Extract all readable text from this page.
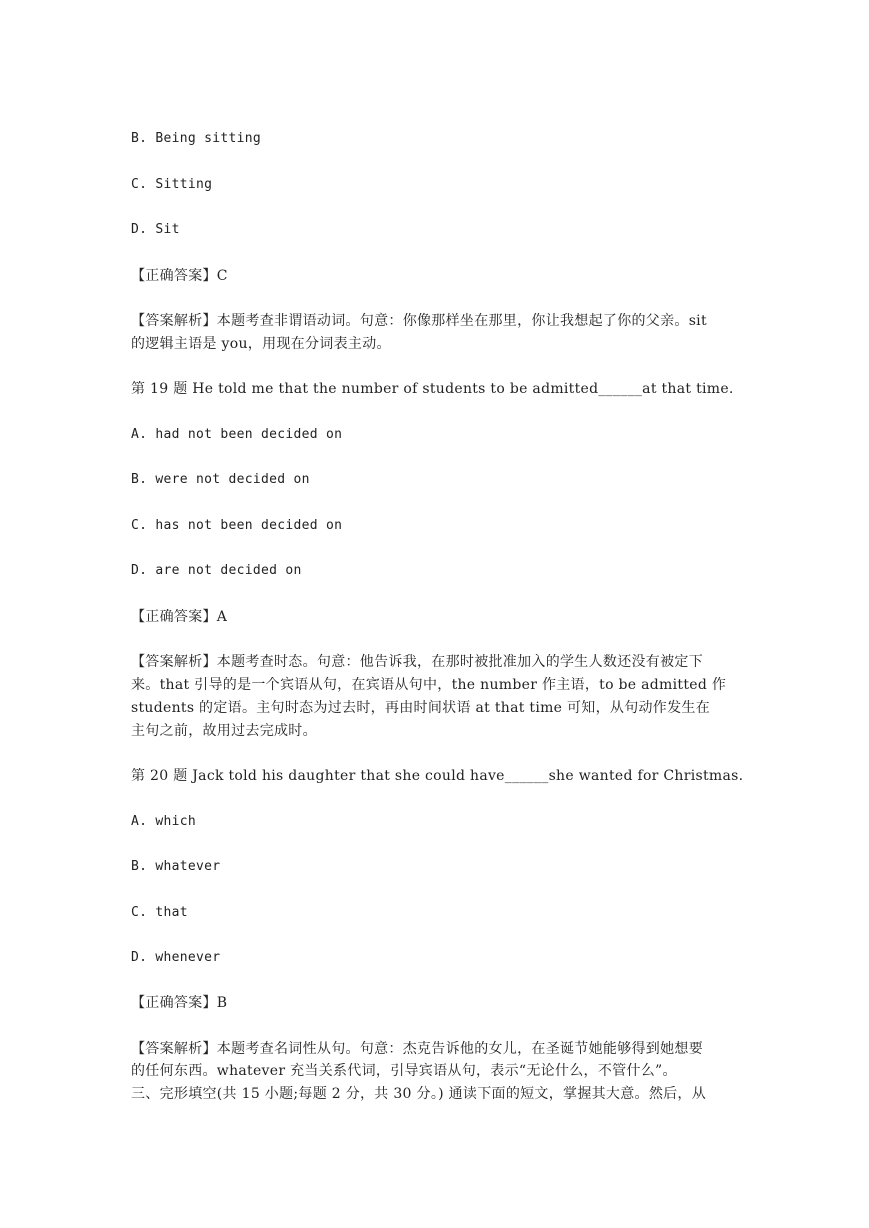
B. Being sitting
C. Sitting
D. Sit
【正确答案】C
【答案解析】本题考查非谓语动词。句意：你像那样坐在那里，你让我想起了你的父亲。sit
的逻辑主语是 you，用现在分词表主动。
第 19 题 He told me that the number of students to be admitted______at that time.
A. had not been decided on
B. were not decided on
C. has not been decided on
D. are not decided on
【正确答案】A
【答案解析】本题考查时态。句意：他告诉我，在那时被批准加入的学生人数还没有被定下
来。that 引导的是一个宾语从句，在宾语从句中，the number 作主语，to be admitted 作
students 的定语。主句时态为过去时，再由时间状语 at that time 可知，从句动作发生在
主句之前，故用过去完成时。
第 20 题 Jack told his daughter that she could have______she wanted for Christmas.
A. which
B. whatever
C. that
D. whenever
【正确答案】B
【答案解析】本题考查名词性从句。句意：杰克告诉他的女儿，在圣诞节她能够得到她想要
的任何东西。whatever 充当关系代词，引导宾语从句，表示“无论什么，不管什么”。
三、完形填空(共 15 小题;每题 2 分，共 30 分。) 通读下面的短文，掌握其大意。然后，从
